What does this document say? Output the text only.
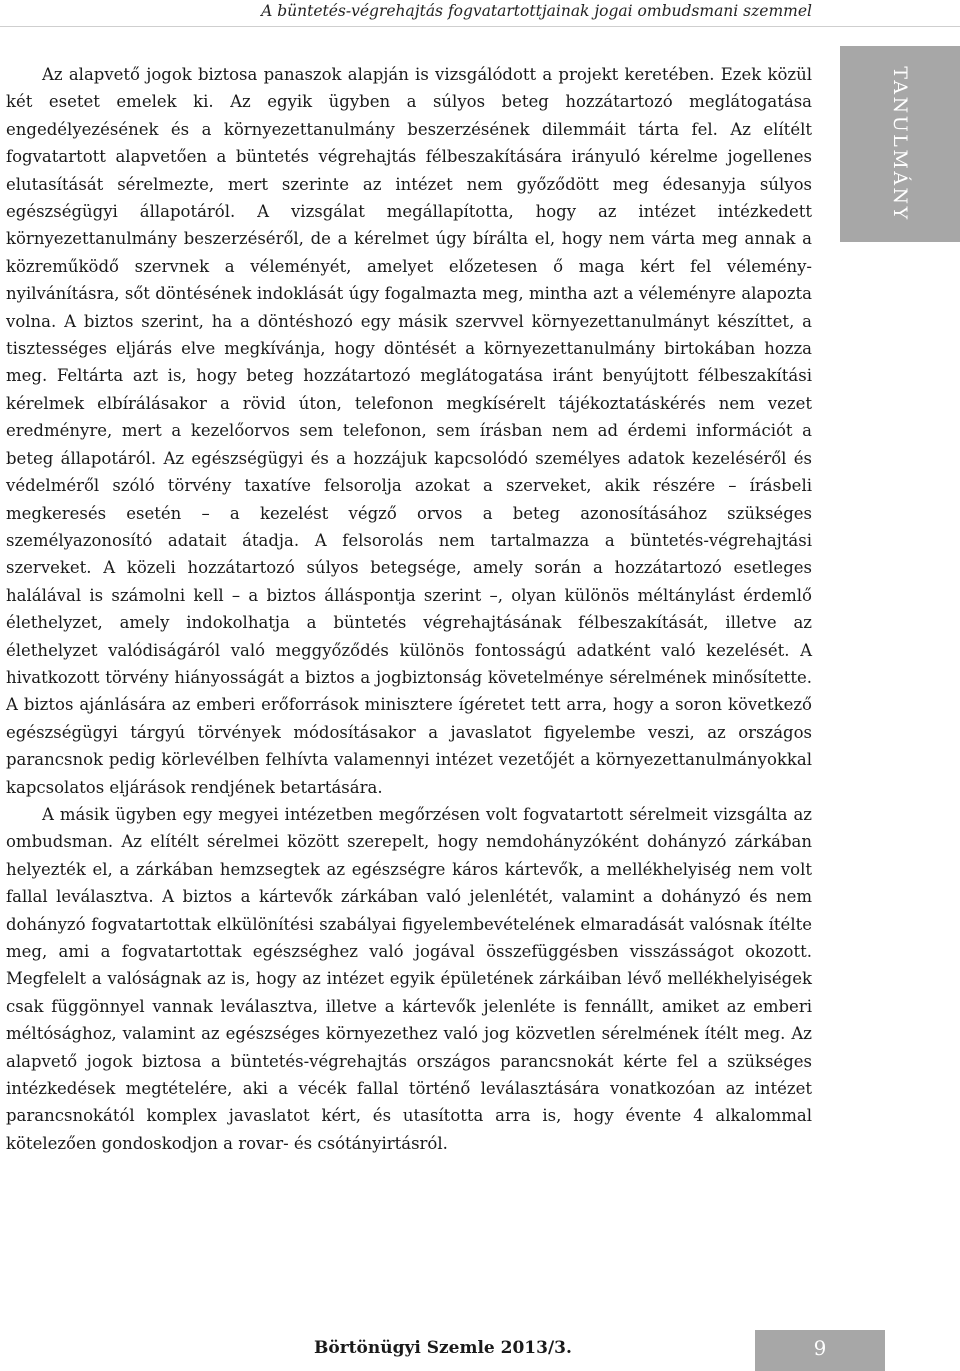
A büntetés-végrehajtás fogvatartottjainak jogai ombudsmani szemmel
TANULMÁNY

Az alapvető jogok biztosa panaszok alapján is vizsgálódott a projekt keretében. Ezek közül két esetet emelek ki. Az egyik ügyben a súlyos beteg hozzátartozó meglátogatása engedélyezésének és a környezettanulmány beszerzésének dilemmáit tárta fel. Az elítélt fogvatartott alapvetően a büntetés végrehajtás félbeszakítására irányuló kérelme jogellenes elutasítását sérelmezte, mert szerinte az intézet nem győződött meg édesanyja súlyos egészségügyi állapotáról. A vizsgálat megállapította, hogy az intézet intézkedett környezettanulmány beszerzéséről, de a kérelmet úgy bírálta el, hogy nem várta meg annak a közreműködő szervnek a véleményét, amelyet előzetesen ő maga kért fel vélemény-nyilvánításra, sőt döntésének indoklását úgy fogalmazta meg, mintha azt a véleményre alapozta volna. A biztos szerint, ha a döntéshozó egy másik szervvel környezettanulmányt készíttet, a tisztességes eljárás elve megkívánja, hogy döntését a környezettanulmány birtokában hozza meg. Feltárta azt is, hogy beteg hozzátartozó meglátogatása iránt benyújtott félbeszakítási kérelmek elbírálásakor a rövid úton, telefonon megkísérelt tájékoztatáskérés nem vezet eredményre, mert a kezelőorvos sem telefonon, sem írásban nem ad érdemi információt a beteg állapotáról. Az egészségügyi és a hozzájuk kapcsolódó személyes adatok kezeléséről és védelméről szóló törvény taxatíve felsorolja azokat a szerveket, akik részére – írásbeli megkeresés esetén – a kezelést végző orvos a beteg azonosításához szükséges személyazonosító adatait átadja. A felsorolás nem tartalmazza a büntetés-végrehajtási szerveket. A közeli hozzátartozó súlyos betegsége, amely során a hozzátartozó esetleges halálával is számolni kell – a biztos álláspontja szerint –, olyan különös méltánylást érdemlő élethelyzet, amely indokolhatja a büntetés végrehajtásának félbeszakítását, illetve az élethelyzet valódiságáról való meggyőződés különös fontosságú adatként való kezelését. A hivatkozott törvény hiányosságát a biztos a jogbiztonság követelménye sérelmének minősítette. A biztos ajánlására az emberi erőforrások minisztere ígéretet tett arra, hogy a soron következő egészségügyi tárgyú törvények módosításakor a javaslatot figyelembe veszi, az országos parancsnok pedig körlevélben felhívta valamennyi intézet vezetőjét a környezettanulmányokkal kapcsolatos eljárások rendjének betartására.

A másik ügyben egy megyei intézetben megőrzésen volt fogvatartott sérelmeit vizsgálta az ombudsman. Az elítélt sérelmei között szerepelt, hogy nemdohányzóként dohányzó zárkában helyezték el, a zárkában hemzsegtek az egészségre káros kártevők, a mellékhelyiség nem volt fallal leválasztva. A biztos a kártevők zárkában való jelenlétét, valamint a dohányzó és nem dohányzó fogvatartottak elkülönítési szabályai figyelembevételének elmaradását valósnak ítélte meg, ami a fogvatartottak egészséghez való jogával összefüggésben visszásságot okozott. Megfelelt a valóságnak az is, hogy az intézet egyik épületének zárkáiban lévő mellékhelyiségek csak függönnyel vannak leválasztva, illetve a kártevők jelenléte is fennállt, amiket az emberi méltósághoz, valamint az egészséges környezethez való jog közvetlen sérelmének ítélt meg. Az alapvető jogok biztosa a büntetés-végrehajtás országos parancsnokát kérte fel a szükséges intézkedések megtételére, aki a vécék fallal történő leválasztására vonatkozóan az intézet parancsnokától komplex javaslatot kért, és utasította arra is, hogy évente 4 alkalommal kötelezően gondoskodjon a rovar- és csótányirtásról.

Börtönügyi Szemle 2013/3.	9
